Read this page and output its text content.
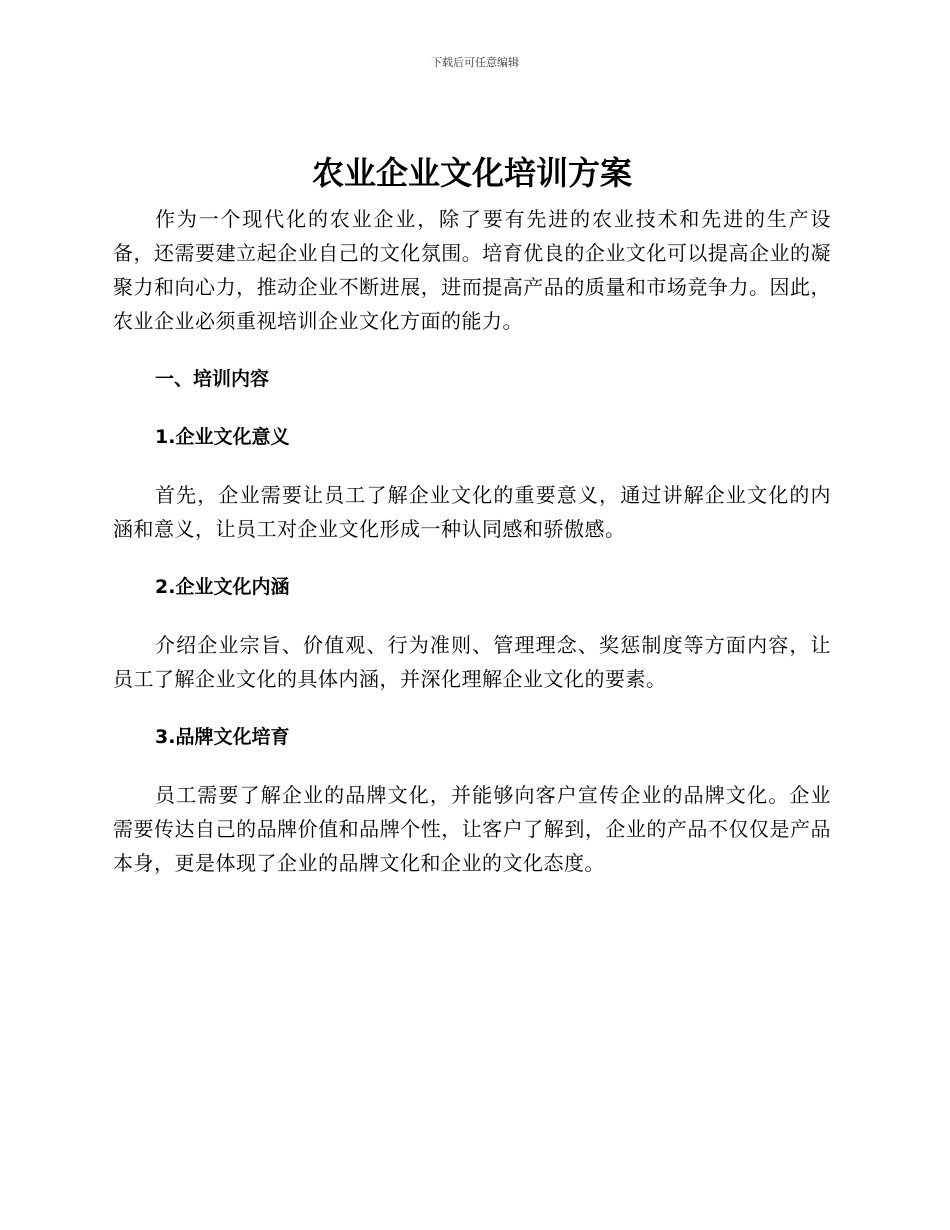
下载后可任意编辑
农业企业文化培训方案

作为一个现代化的农业企业，除了要有先进的农业技术和先进的生产设备，还需要建立起企业自己的文化氛围。培育优良的企业文化可以提高企业的凝聚力和向心力，推动企业不断进展，进而提高产品的质量和市场竞争力。因此，农业企业必须重视培训企业文化方面的能力。

一、培训内容
1.企业文化意义

首先，企业需要让员工了解企业文化的重要意义，通过讲解企业文化的内涵和意义，让员工对企业文化形成一种认同感和骄傲感。

2.企业文化内涵

介绍企业宗旨、价值观、行为准则、管理理念、奖惩制度等方面内容，让员工了解企业文化的具体内涵，并深化理解企业文化的要素。

3.品牌文化培育

员工需要了解企业的品牌文化，并能够向客户宣传企业的品牌文化。企业需要传达自己的品牌价值和品牌个性，让客户了解到，企业的产品不仅仅是产品本身，更是体现了企业的品牌文化和企业的文化态度。
